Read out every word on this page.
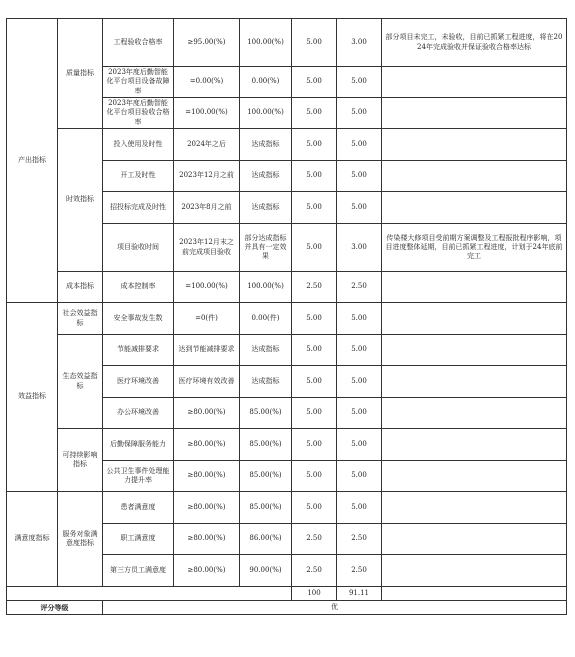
产出指标	质量指标	工程验收合格率	≥95.00(%)	100.00(%)	5.00	3.00	部分项目未完工，未验收，目前已抓紧工程进度，将在2024年完成验收并保证验收合格率达标
		2023年度后勤智能化平台项目设备故障率	=0.00(%)	0.00(%)	5.00	5.00	
		2023年度后勤智能化平台项目验收合格率	=100.00(%)	100.00(%)	5.00	5.00	
	时效指标	投入使用及时性	2024年之后	达成指标	5.00	5.00	
		开工及时性	2023年12月之前	达成指标	5.00	5.00	
		招投标完成及时性	2023年8月之前	达成指标	5.00	5.00	
		项目验收时间	2023年12月末之前完成项目验收	部分达成指标并具有一定效果	5.00	3.00	传染楼大修项目受前期方案调整及工程报批程序影响，项目进度整体延期，目前已抓紧工程进度，计划于24年底前完工
	成本指标	成本控制率	=100.00(%)	100.00(%)	2.50	2.50	
效益指标	社会效益指标	安全事故发生数	=0(件)	0.00(件)	5.00	5.00	
	生态效益指标	节能减排要求	达到节能减排要求	达成指标	5.00	5.00	
		医疗环境改善	医疗环境有效改善	达成指标	5.00	5.00	
		办公环境改善	≥80.00(%)	85.00(%)	5.00	5.00	
	可持续影响指标	后勤保障服务能力	≥80.00(%)	85.00(%)	5.00	5.00	
		公共卫生事件处理能力提升率	≥80.00(%)	85.00(%)	5.00	5.00	
满意度指标	服务对象满意度指标	患者满意度	≥80.00(%)	85.00(%)	5.00	5.00	
		职工满意度	≥80.00(%)	86.00(%)	2.50	2.50	
		第三方员工满意度	≥80.00(%)	90.00(%)	2.50	2.50	
					100	91.11	
评分等级		优					
